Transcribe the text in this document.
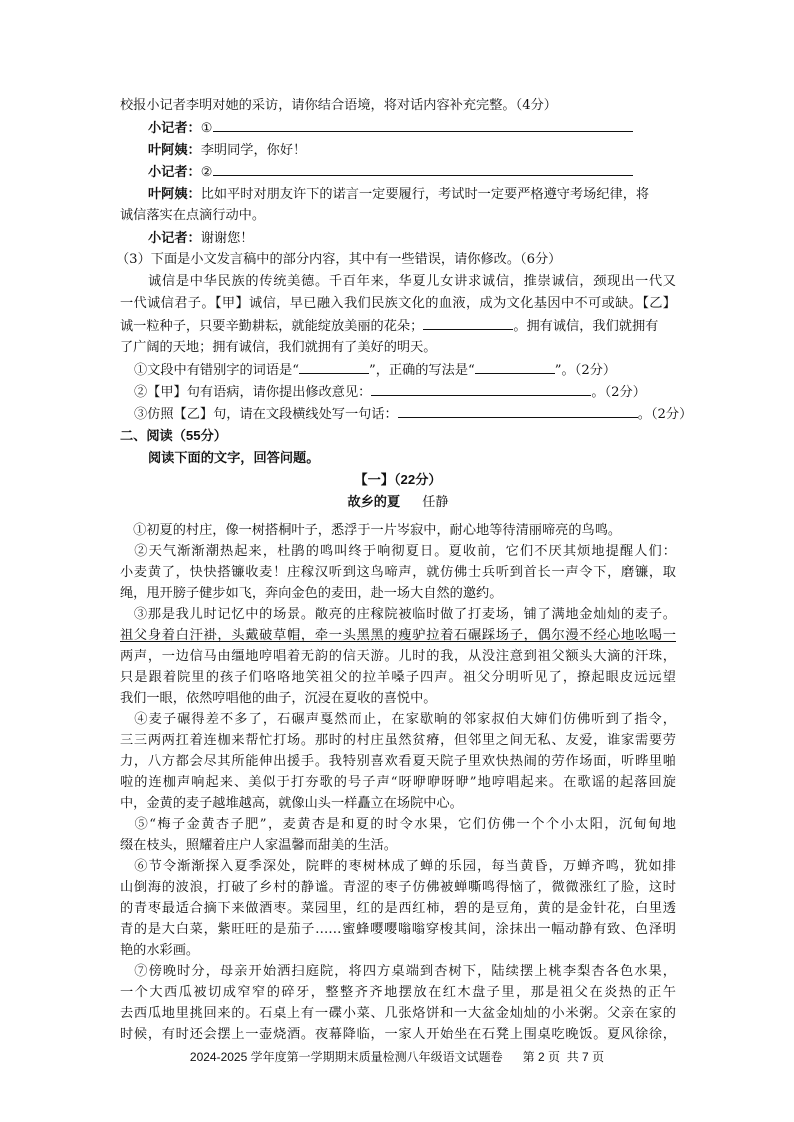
校报小记者李明对她的采访，请你结合语境，将对话内容补充完整。（4分）
小记者：①
叶阿姨：李明同学，你好！
小记者：②
叶阿姨：比如平时对朋友许下的诺言一定要履行，考试时一定要严格遵守考场纪律，将
诚信落实在点滴行动中。
小记者：谢谢您！
（3）下面是小文发言稿中的部分内容，其中有一些错误，请你修改。（6分）
诚信是中华民族的传统美德。千百年来，华夏儿女讲求诚信，推崇诚信，颈现出一代又
一代诚信君子。【甲】诚信，早已融入我们民族文化的血液，成为文化基因中不可或缺。【乙】
诚一粒种子，只要辛勤耕耘，就能绽放美丽的花朵；	。拥有诚信，我们就拥有
了广阔的天地；拥有诚信，我们就拥有了美好的明天。
①文段中有错别字的词语是“	”，正确的写法是“	”。（2分）
②【甲】句有语病，请你提出修改意见：	。（2分）
③仿照【乙】句，请在文段横线处写一句话：	。（2分）
二、阅读（55分）
阅读下面的文字，回答问题。
【一】（22分）
故乡的夏 任静
　①初夏的村庄，像一树搭桐叶子，悉浮于一片岑寂中，耐心地等待清丽啼亮的鸟鸣。
　②天气渐渐潮热起来，杜鹃的鸣叫终于响彻夏日。夏收前，它们不厌其烦地提醒人们：
小麦黄了，快快搭镰收麦！庄稼汉听到这鸟啼声，就仿佛士兵听到首长一声令下，磨镰，取
绳，甩开膀子健步如飞，奔向金色的麦田，赴一场大自然的邀约。
　③那是我儿时记忆中的场景。敞亮的庄稼院被临时做了打麦场，铺了满地金灿灿的麦子。
祖父身着白汗褂，头戴破草帽，牵一头黑黑的瘦驴拉着石碾踩场子，偶尔漫不经心地吆喝一
两声，一边信马由缰地哼唱着无韵的信天游。儿时的我，从没注意到祖父额头大滴的汗珠，
只是跟着院里的孩子们咯咯地笑祖父的拉羊嗓子四声。祖父分明听见了，撩起眼皮远远望
我们一眼，依然哼唱他的曲子，沉浸在夏收的喜悦中。
　④麦子碾得差不多了，石碾声戛然而止，在家歇晌的邻家叔伯大婶们仿佛听到了指令，
三三两两扛着连枷来帮忙打场。那时的村庄虽然贫瘠，但邻里之间无私、友爱，谁家需要劳
力，八方都会尽其所能伸出援手。我特别喜欢看夏天院子里欢快热闹的劳作场面，听晔里啪
啦的连枷声响起来、美似于打夯歌的号子声“呀咿咿呀咿”地哼唱起来。在歌谣的起落回旋
中，金黄的麦子越堆越高，就像山头一样矗立在场院中心。
　⑤“梅子金黄杏子肥”，麦黄杏是和夏的时令水果，它们仿佛一个个小太阳，沉甸甸地
缀在枝头，照耀着庄户人家温馨而甜美的生活。
　⑥节令渐渐探入夏季深处，院畔的枣树林成了蝉的乐园，每当黄昏，万蝉齐鸣，犹如排
山倒海的波浪，打破了乡村的静谧。青涩的枣子仿佛被蝉嘶鸣得恼了，微微涨红了脸，这时
的青枣最适合摘下来做酒枣。菜园里，红的是西红柿，碧的是豆角，黄的是金针花，白里透
青的是大白菜，紫旺旺的是茄子……蜜蜂嘤嘤嗡嗡穿梭其间，涂抹出一幅动静有致、色泽明
艳的水彩画。
　⑦傍晚时分，母亲开始洒扫庭院，将四方桌端到杏树下，陆续摆上桃李梨杏各色水果，
一个大西瓜被切成窄窄的碎牙，整整齐齐地摆放在红木盘子里，那是祖父在炎热的正午
去西瓜地里挑回来的。石桌上有一碟小菜、几张烙饼和一大盆金灿灿的小米粥。父亲在家的
时候，有时还会摆上一壶烧酒。夜幕降临，一家人开始坐在石凳上围桌吃晚饭。夏风徐徐，
2024-2025 学年度第一学期期末质量检测八年级语文试题卷 第 2 页  共 7 页
